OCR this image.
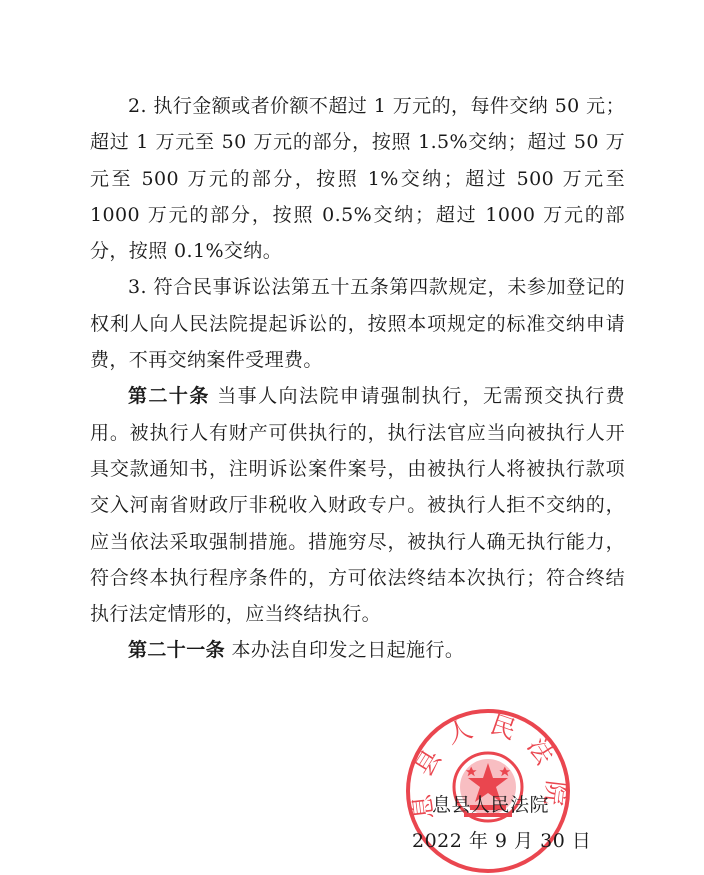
2. 执行金额或者价额不超过 1 万元的，每件交纳 50 元；超过 1 万元至 50 万元的部分，按照 1.5%交纳；超过 50 万元至 500 万元的部分，按照 1%交纳；超过 500 万元至 1000 万元的部分，按照 0.5%交纳；超过 1000 万元的部分，按照 0.1%交纳。

3. 符合民事诉讼法第五十五条第四款规定，未参加登记的权利人向人民法院提起诉讼的，按照本项规定的标准交纳申请费，不再交纳案件受理费。

第二十条 当事人向法院申请强制执行，无需预交执行费用。被执行人有财产可供执行的，执行法官应当向被执行人开具交款通知书，注明诉讼案件案号，由被执行人将被执行款项交入河南省财政厅非税收入财政专户。被执行人拒不交纳的，应当依法采取强制措施。措施穷尽，被执行人确无执行能力，符合终本执行程序条件的，方可依法终结本次执行；符合终结执行法定情形的，应当终结执行。

第二十一条 本办法自印发之日起施行。

息县人民法院
息县人民法院
2022 年 9 月 30 日
